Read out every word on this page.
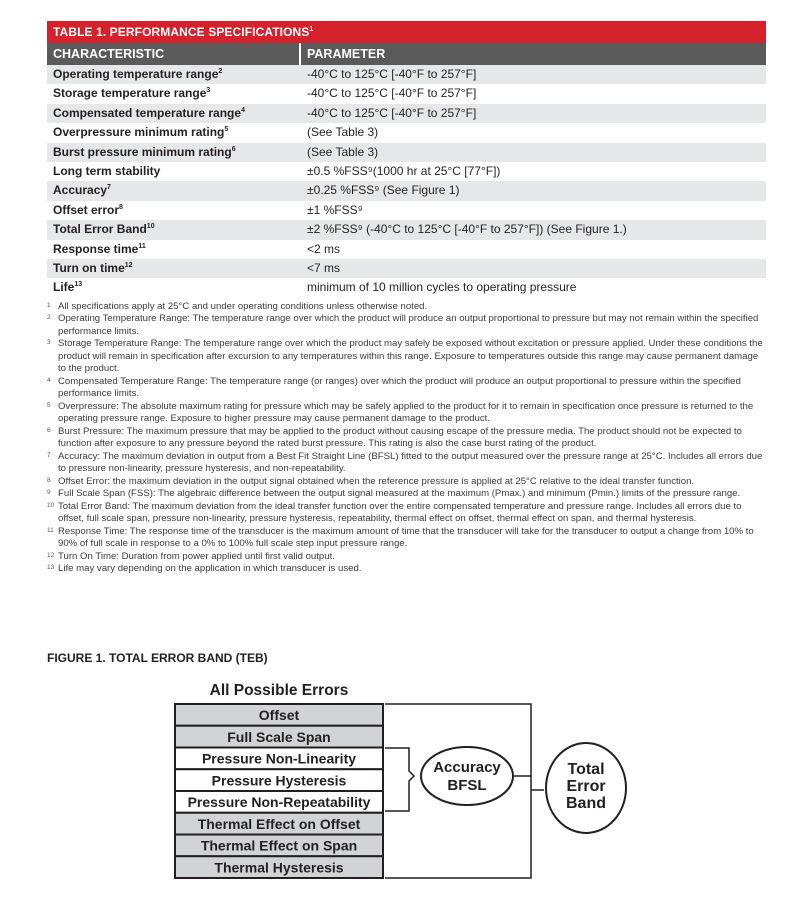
TABLE 1. PERFORMANCE SPECIFICATIONS$^1$
CHARACTERISTIC	PARAMETER
Operating temperature range$^2$	-40°C to 125°C [-40°F to 257°F]
Storage temperature range$^3$	-40°C to 125°C [-40°F to 257°F]
Compensated temperature range$^4$	-40°C to 125°C [-40°F to 257°F]
Overpressure minimum rating$^5$	(See Table 3)
Burst pressure minimum rating$^6$	(See Table 3)
Long term stability	±0.5 %FSS⁹(1000 hr at 25°C [77°F])
Accuracy$^7$	±0.25 %FSS⁹ (See Figure 1)
Offset error$^8$	±1 %FSS⁹
Total Error Band$^{10}$	±2 %FSS⁹ (-40°C to 125°C [-40°F to 257°F]) (See Figure 1.)
Response time$^{11}$	<2 ms
Turn on time$^{12}$	<7 ms
Life$^{13}$	minimum of 10 million cycles to operating pressure
1 All specifications apply at 25°C and under operating conditions unless otherwise noted.
2 Operating Temperature Range: The temperature range over which the product will produce an output proportional to pressure but may not remain within the specified performance limits.
3 Storage Temperature Range: The temperature range over which the product may safely be exposed without excitation or pressure applied. Under these conditions the product will remain in specification after excursion to any temperatures within this range. Exposure to temperatures outside this range may cause permanent damage to the product.
4 Compensated Temperature Range: The temperature range (or ranges) over which the product will produce an output proportional to pressure within the specified performance limits.
5 Overpressure: The absolute maximum rating for pressure which may be safely applied to the product for it to remain in specification once pressure is returned to the operating pressure range. Exposure to higher pressure may cause permanent damage to the product.
6 Burst Pressure: The maximum pressure that may be applied to the product without causing escape of the pressure media. The product should not be expected to function after exposure to any pressure beyond the rated burst pressure. This rating is also the case burst rating of the product.
7 Accuracy: The maximum deviation in output from a Best Fit Straight Line (BFSL) fitted to the output measured over the pressure range at 25°C. Includes all errors due to pressure non-linearity, pressure hysteresis, and non-repeatability.
8 Offset Error: the maximum deviation in the output signal obtained when the reference pressure is applied at 25°C relative to the ideal transfer function.
9 Full Scale Span (FSS): The algebraic difference between the output signal measured at the maximum (Pmax.) and minimum (Pmin.) limits of the pressure range.
10 Total Error Band: The maximum deviation from the ideal transfer function over the entire compensated temperature and pressure range. Includes all errors due to offset, full scale span, pressure non-linearity, pressure hysteresis, repeatability, thermal effect on offset, thermal effect on span, and thermal hysteresis.
11 Response Time: The response time of the transducer is the maximum amount of time that the transducer will take for the transducer to output a change from 10% to 90% of full scale in response to a 0% to 100% full scale step input pressure range.
12 Turn On Time: Duration from power applied until first valid output.
13 Life may vary depending on the application in which transducer is used.
FIGURE 1. TOTAL ERROR BAND (TEB)
All Possible Errors
Offset
Full Scale Span
Pressure Non-Linearity
Pressure Hysteresis
Pressure Non-Repeatability
Thermal Effect on Offset
Thermal Effect on Span
Thermal Hysteresis
Accuracy
BFSL
Total
Error
Band
